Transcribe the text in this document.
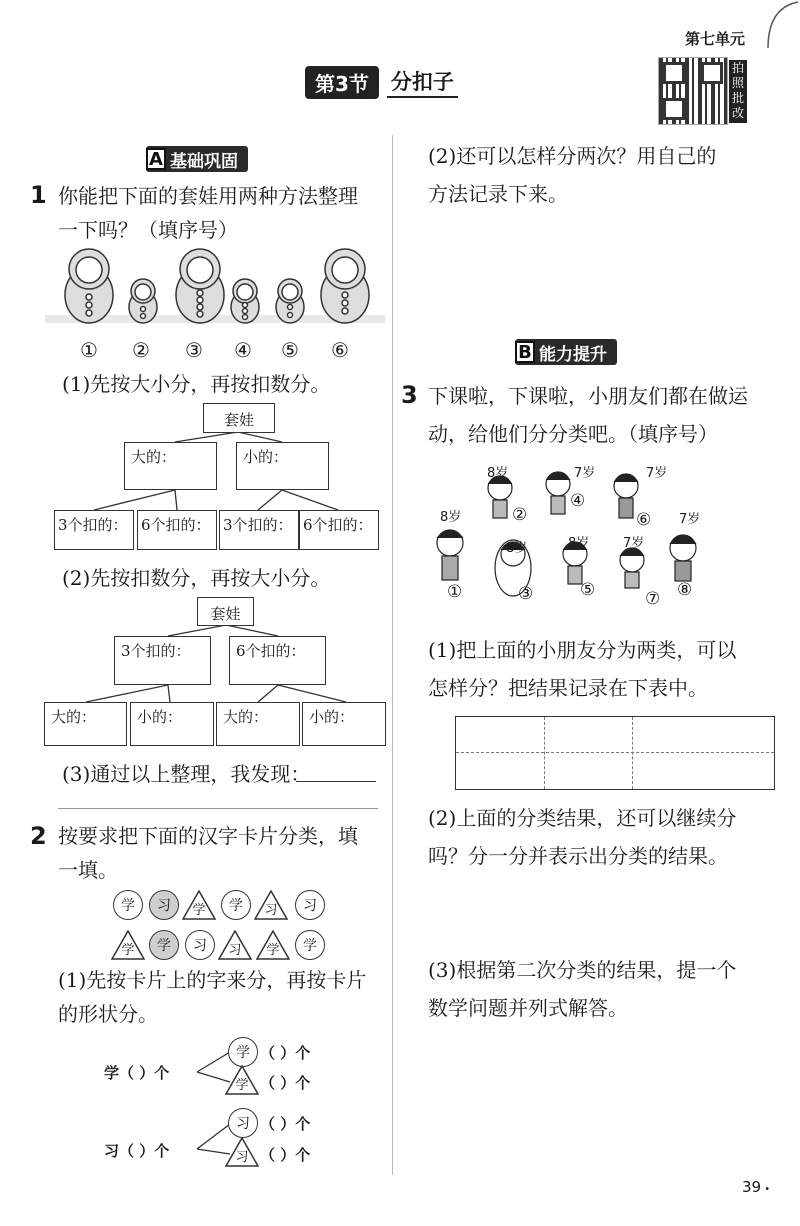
第七单元
拍照批改
第3节	分扣子
A 基础巩固
1 你能把下面的套娃用两种方法整理
一下吗？（填序号）
① ② ③ ④ ⑤ ⑥
(1)先按大小分，再按扣数分。
套娃
大的：	小的：
3个扣的： 6个扣的： 3个扣的： 6个扣的：
(2)先按扣数分，再按大小分。
套娃
3个扣的：	6个扣的：
大的：	小的：	大的：	小的：
(3)通过以上整理，我发现：
2 按要求把下面的汉字卡片分类，填
一填。
学	习	学	学	习	习
学	学	习	习	学	学
(1)先按卡片上的字来分，再按卡片
的形状分。
学（ ）个
学 （ ）个
学 （ ）个
习（ ）个
习 （ ）个
习 （ ）个
(2)还可以怎样分两次？用自己的
方法记录下来。
B 能力提升
3 下课啦，下课啦，小朋友们都在做运
动，给他们分分类吧。（填序号）
8岁	7岁	7岁
8岁
8岁	8岁	7岁
7岁
②
④
⑥
①	③	⑤	⑦ ⑧
(1)把上面的小朋友分为两类，可以
怎样分？把结果记录在下表中。
(2)上面的分类结果，还可以继续分
吗？分一分并表示出分类的结果。
(3)根据第二次分类的结果，提一个
数学问题并列式解答。
39 •
